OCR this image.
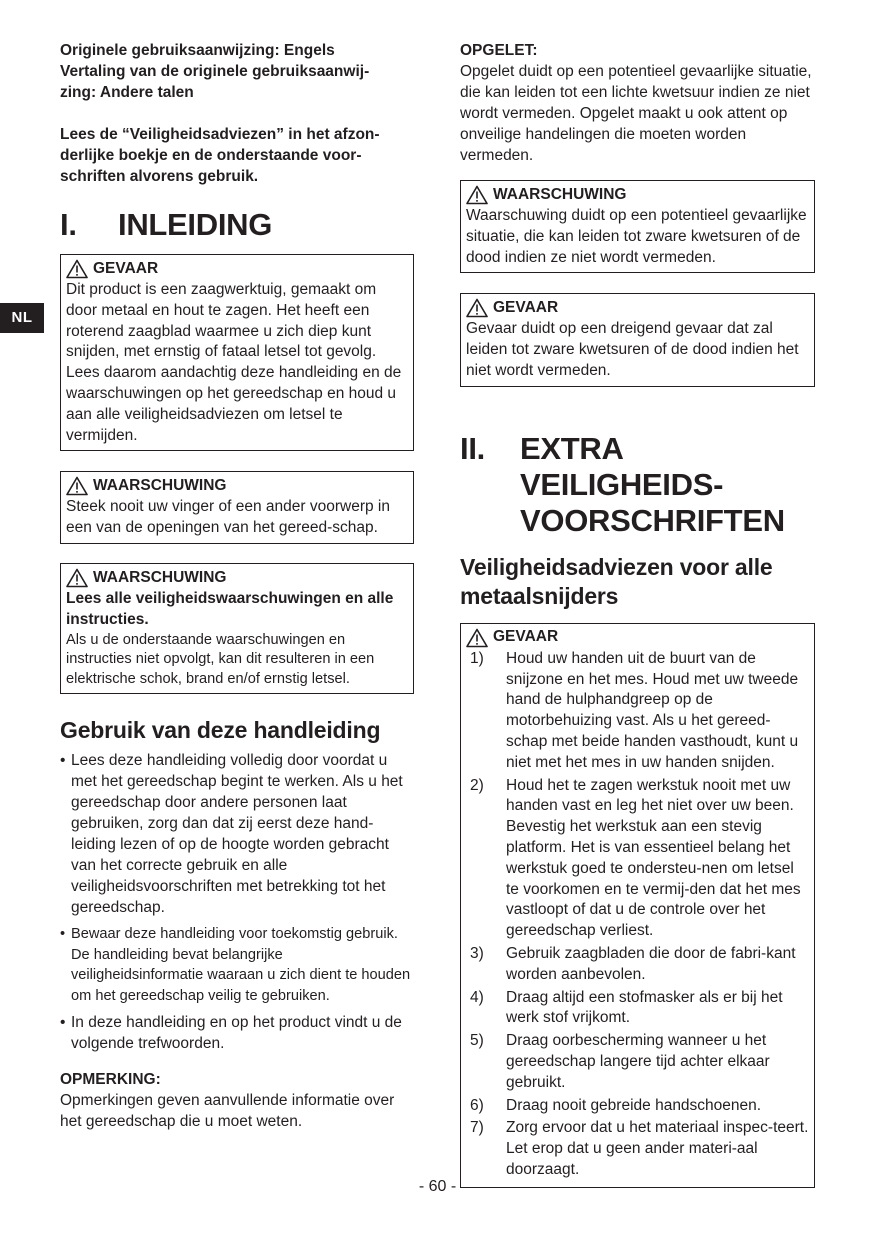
NL

Originele gebruiksaanwijzing: Engels Vertaling van de originele gebruiksaanwij-zing: Andere talen

Lees de “Veiligheidsadviezen” in het afzon-derlijke boekje en de onderstaande voor-schriften alvorens gebruik.

I.	INLEIDING
GEVAAR

Dit product is een zaagwerktuig, gemaakt om door metaal en hout te zagen. Het heeft een roterend zaagblad waarmee u zich diep kunt snijden, met ernstig of fataal letsel tot gevolg. Lees daarom aandachtig deze handleiding en de waarschuwingen op het gereedschap en houd u aan alle veiligheidsadviezen om letsel te vermijden.

WAARSCHUWING

Steek nooit uw vinger of een ander voorwerp in een van de openingen van het gereed-schap.

WAARSCHUWING

Lees alle veiligheidswaarschuwingen en alle instructies.

Als u de onderstaande waarschuwingen en instructies niet opvolgt, kan dit resulteren in een elektrische schok, brand en/of ernstig letsel.

Gebruik van deze handleiding
• Lees deze handleiding volledig door voordat u met het gereedschap begint te werken. Als u het gereedschap door andere personen laat gebruiken, zorg dan dat zij eerst deze hand-leiding lezen of op de hoogte worden gebracht van het correcte gebruik en alle veiligheidsvoorschriften met betrekking tot het gereedschap.
• Bewaar deze handleiding voor toekomstig gebruik. De handleiding bevat belangrijke veiligheidsinformatie waaraan u zich dient te houden om het gereedschap veilig te gebruiken.
• In deze handleiding en op het product vindt u de volgende trefwoorden.

OPMERKING:

Opmerkingen geven aanvullende informatie over het gereedschap die u moet weten.

OPGELET:

Opgelet duidt op een potentieel gevaarlijke situatie, die kan leiden tot een lichte kwetsuur indien ze niet wordt vermeden. Opgelet maakt u ook attent op onveilige handelingen die moeten worden vermeden.

WAARSCHUWING

Waarschuwing duidt op een potentieel gevaarlijke situatie, die kan leiden tot zware kwetsuren of de dood indien ze niet wordt vermeden.

GEVAAR

Gevaar duidt op een dreigend gevaar dat zal leiden tot zware kwetsuren of de dood indien het niet wordt vermeden.

II.	EXTRA VEILIGHEIDS-VOORSCHRIFTEN
Veiligheidsadviezen voor alle metaalsnijders
GEVAAR
1)	Houd uw handen uit de buurt van de snijzone en het mes. Houd met uw tweede hand de hulphandgreep op de motorbehuizing vast. Als u het gereed-schap met beide handen vasthoudt, kunt u niet met het mes in uw handen snijden.
2)	Houd het te zagen werkstuk nooit met uw handen vast en leg het niet over uw been. Bevestig het werkstuk aan een stevig platform. Het is van essentieel belang het werkstuk goed te ondersteu-nen om letsel te voorkomen en te vermij-den dat het mes vastloopt of dat u de controle over het gereedschap verliest.
3)	Gebruik zaagbladen die door de fabri-kant worden aanbevolen.
4)	Draag altijd een stofmasker als er bij het werk stof vrijkomt.
5)	Draag oorbescherming wanneer u het gereedschap langere tijd achter elkaar gebruikt.
6)	Draag nooit gebreide handschoenen.
7)	Zorg ervoor dat u het materiaal inspec-teert. Let erop dat u geen ander materi-aal doorzaagt.
- 60 -
